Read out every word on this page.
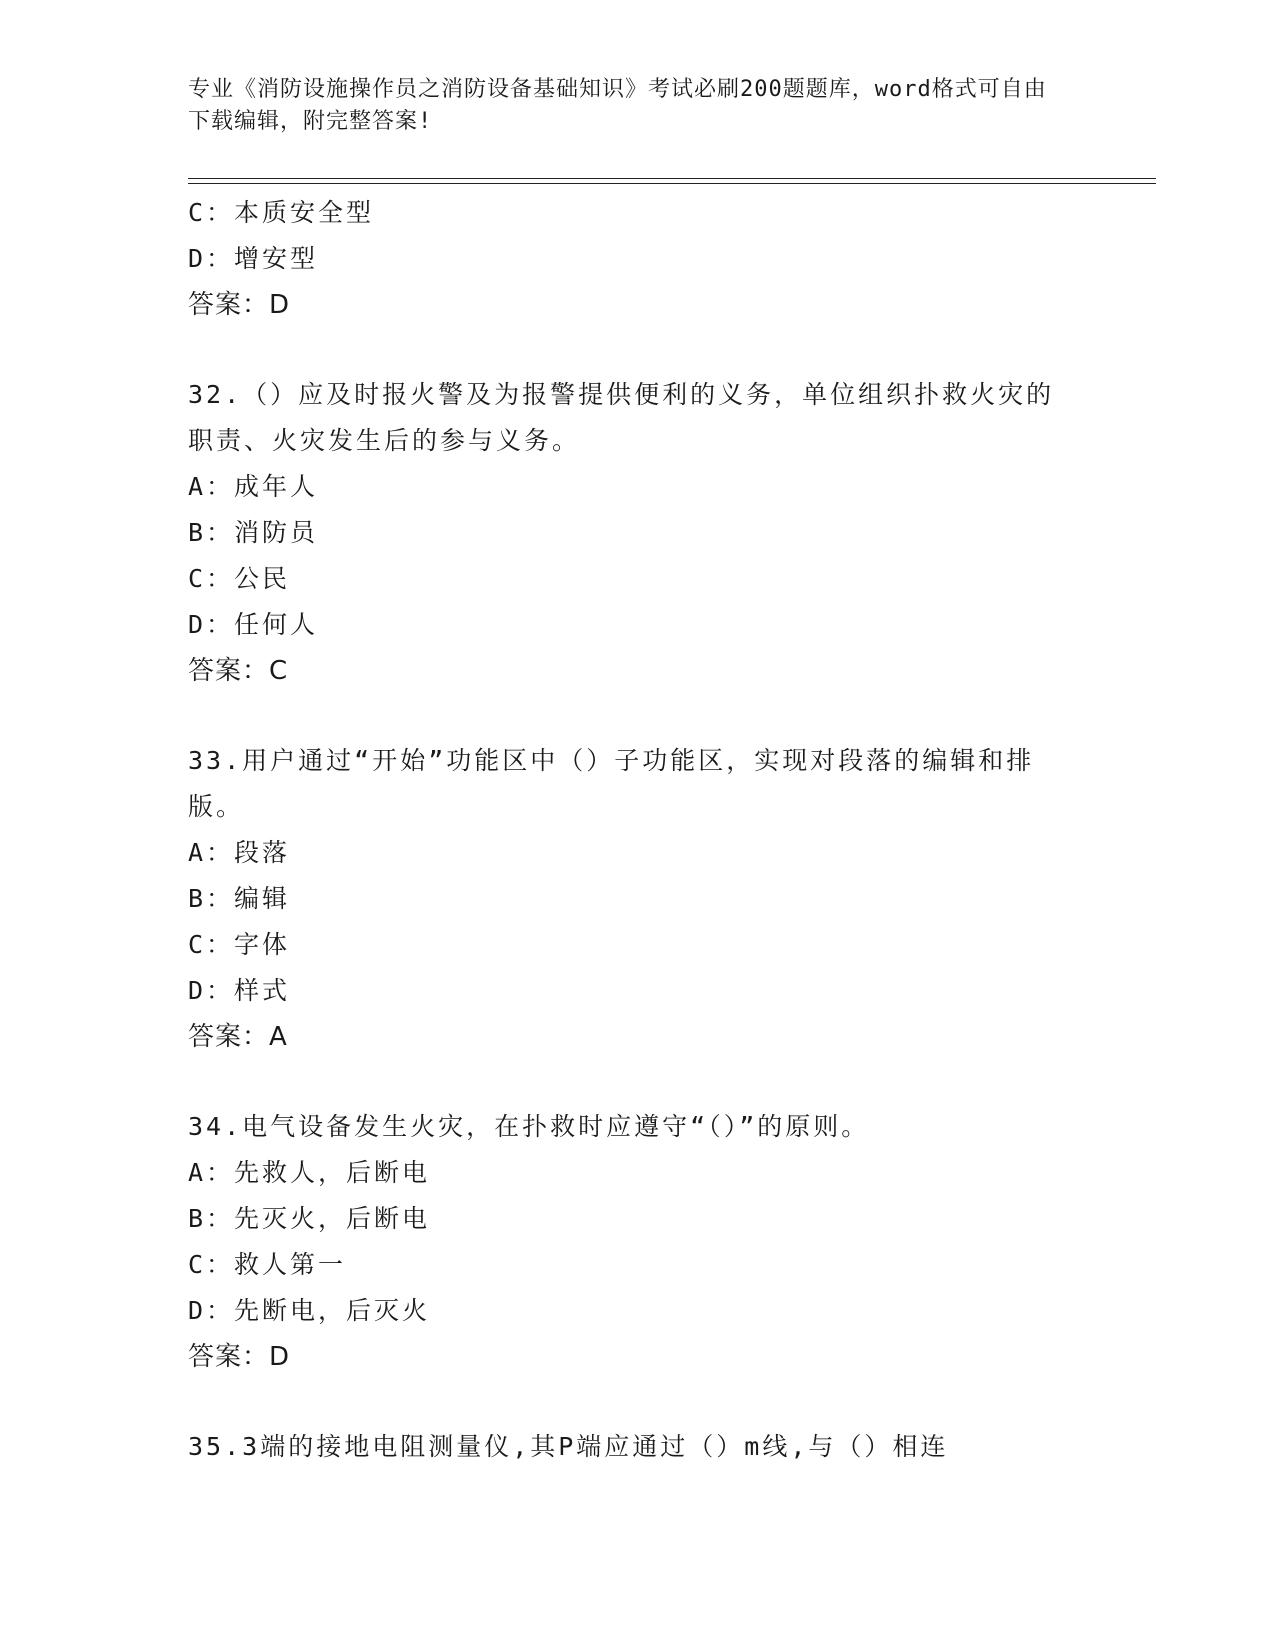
专业《消防设施操作员之消防设备基础知识》考试必刷200题题库，word格式可自由下载编辑，附完整答案!
C：本质安全型
D：增安型
答案：D
32.（）应及时报火警及为报警提供便利的义务，单位组织扑救火灾的职责、火灾发生后的参与义务。
A：成年人
B：消防员
C：公民
D：任何人
答案：C
33.用户通过“开始”功能区中（）子功能区，实现对段落的编辑和排版。
A：段落
B：编辑
C：字体
D：样式
答案：A
34.电气设备发生火灾，在扑救时应遵守“（）”的原则。
A：先救人，后断电
B：先灭火，后断电
C：救人第一
D：先断电，后灭火
答案：D
35.3端的接地电阻测量仪,其P端应通过（）m线,与（）相连
